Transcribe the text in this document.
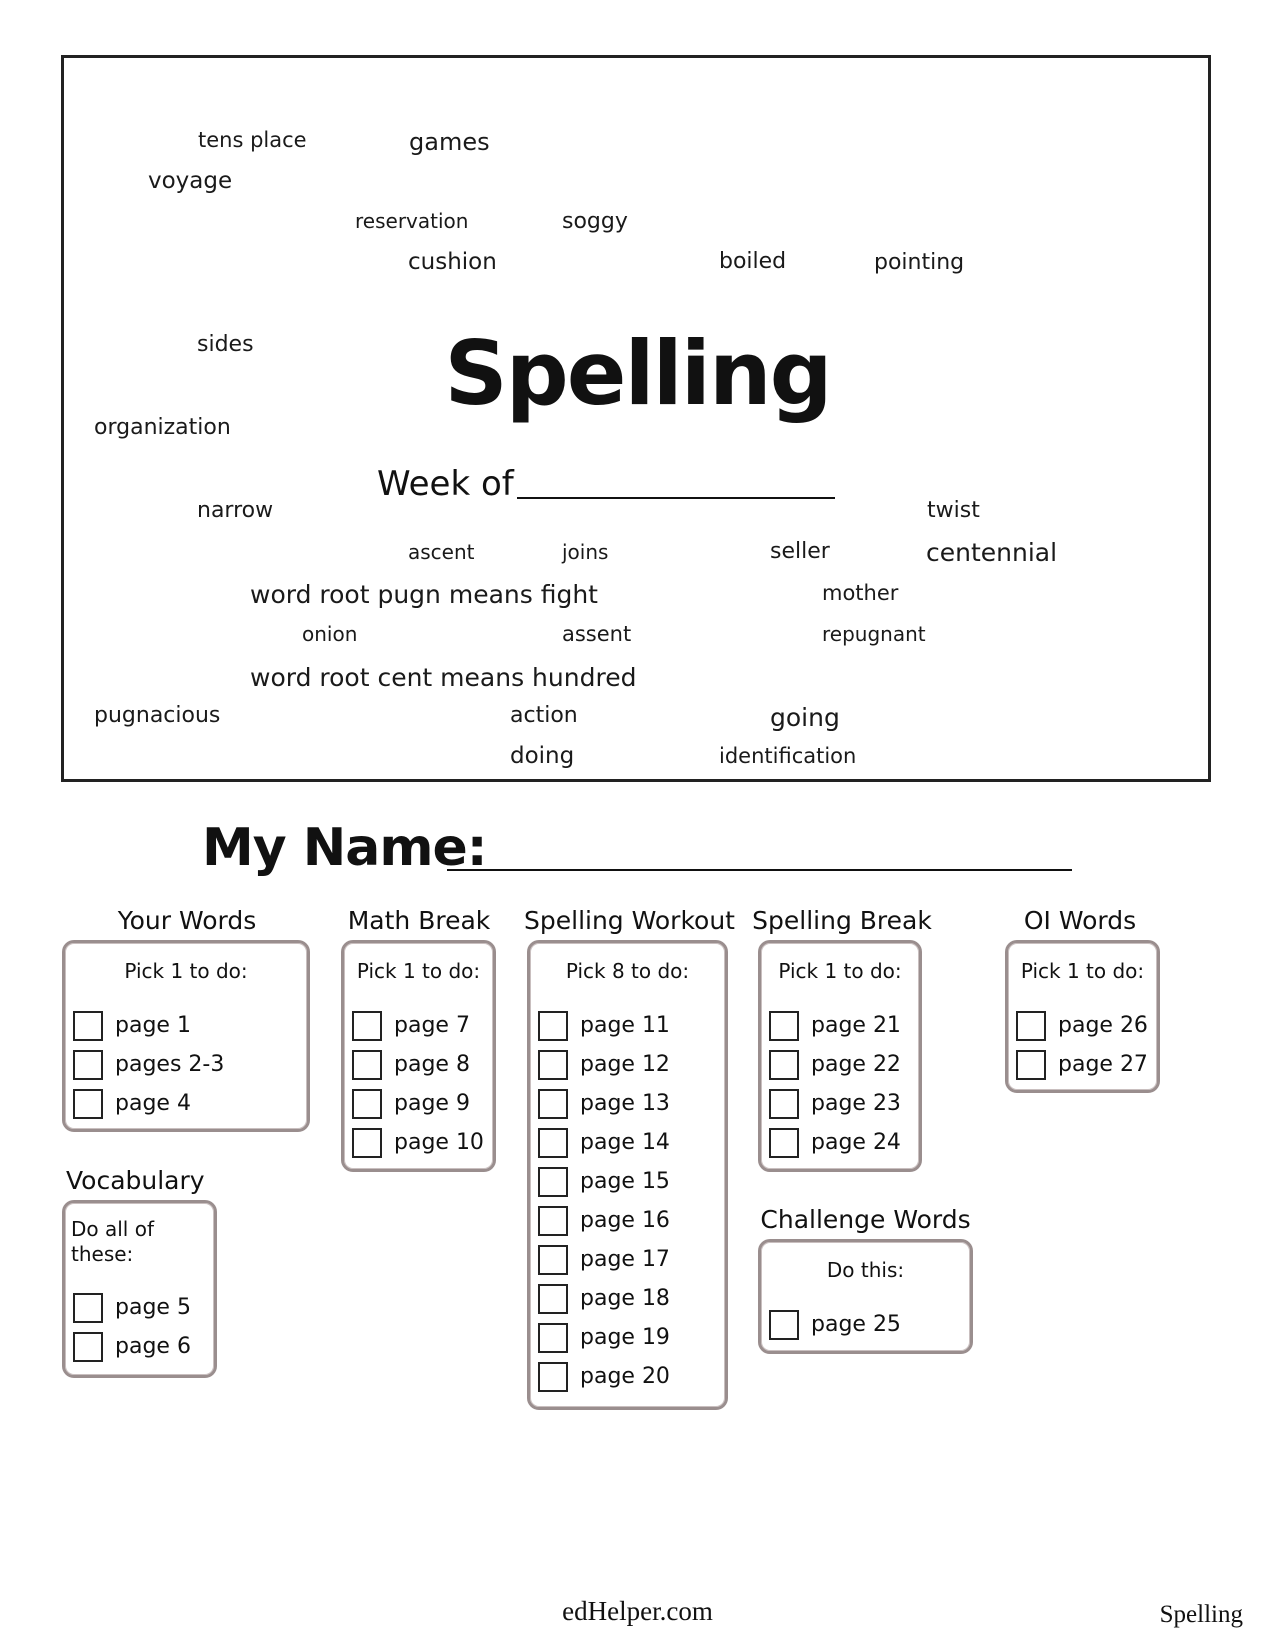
tens place	games
voyage
reservation	soggy
cushion	boiled	pointing
sides
organization
narrow	twist
ascent	joins	seller	centennial
word root pugn means fight	mother
onion	assent	repugnant
word root cent means hundred
pugnacious	action	going
doing	identification
Spelling
Week of
My Name:
Your Words
Pick 1 to do:
page 1
pages 2-3
page 4
Math Break
Pick 1 to do:
page 7
page 8
page 9
page 10
Spelling Workout
Pick 8 to do:
page 11
page 12
page 13
page 14
page 15
page 16
page 17
page 18
page 19
page 20
Spelling Break
Pick 1 to do:
page 21
page 22
page 23
page 24
OI Words
Pick 1 to do:
page 26
page 27
Vocabulary
Do all of
these:
page 5
page 6
Challenge Words
Do this:
page 25
edHelper.com	Spelling
